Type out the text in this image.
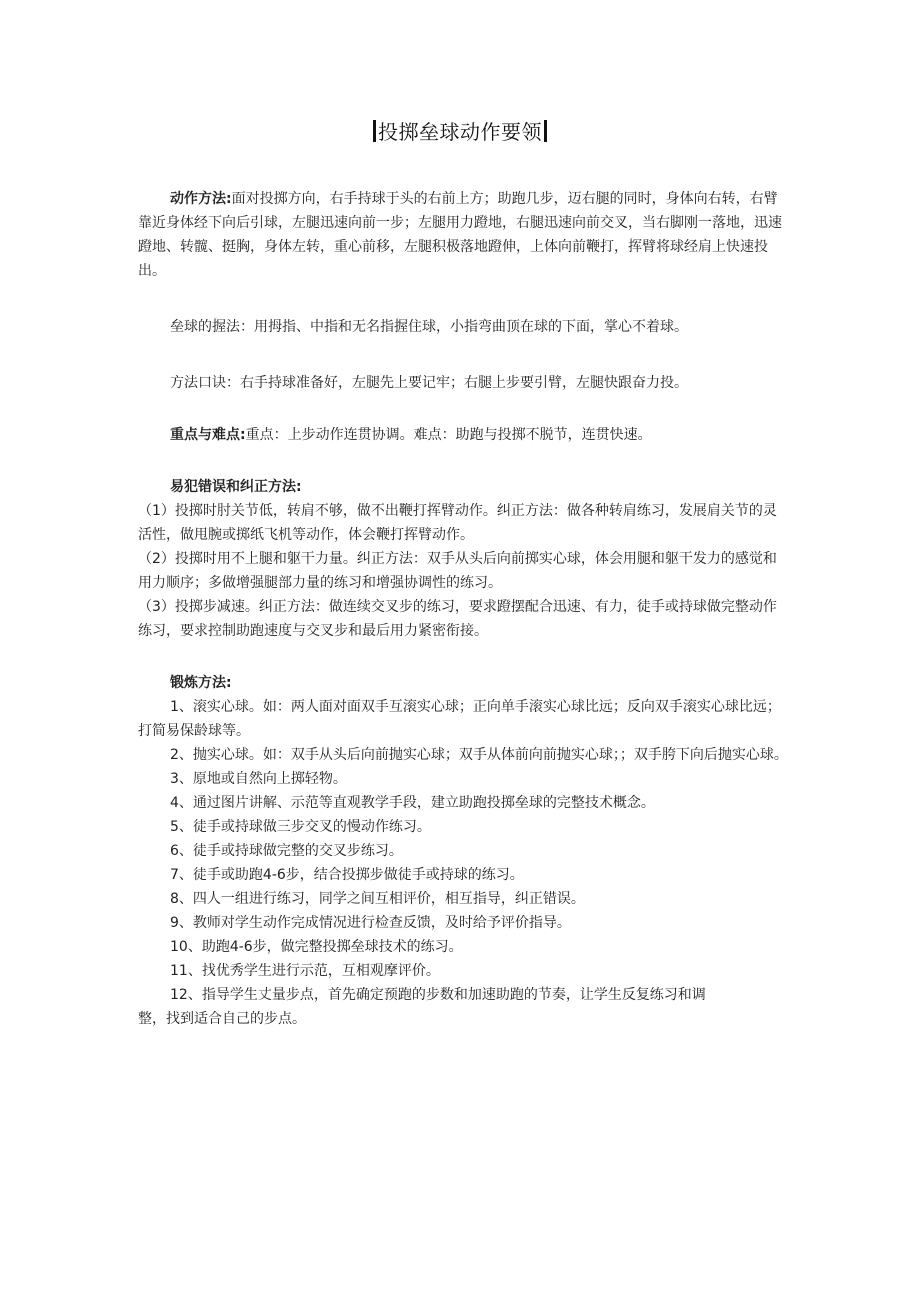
投掷垒球动作要领

动作方法:面对投掷方向，右手持球于头的右前上方；助跑几步，迈右腿的同时，身体向右转，右臂靠近身体经下向后引球，左腿迅速向前一步；左腿用力蹬地，右腿迅速向前交叉，当右脚刚一落地，迅速蹬地、转髋、挺胸，身体左转，重心前移，左腿积极落地蹬伸，上体向前鞭打，挥臂将球经肩上快速投出。

垒球的握法：用拇指、中指和无名指握住球，小指弯曲顶在球的下面，掌心不着球。

方法口诀：右手持球准备好，左腿先上要记牢；右腿上步要引臂，左腿快跟奋力投。

重点与难点:重点：上步动作连贯协调。难点：助跑与投掷不脱节，连贯快速。

易犯错误和纠正方法:

（1）投掷时肘关节低，转肩不够，做不出鞭打挥臂动作。纠正方法：做各种转肩练习，发展肩关节的灵活性，做甩腕或掷纸飞机等动作，体会鞭打挥臂动作。

（2）投掷时用不上腿和躯干力量。纠正方法：双手从头后向前掷实心球，体会用腿和躯干发力的感觉和用力顺序；多做增强腿部力量的练习和增强协调性的练习。

（3）投掷步减速。纠正方法：做连续交叉步的练习，要求蹬摆配合迅速、有力，徒手或持球做完整动作练习，要求控制助跑速度与交叉步和最后用力紧密衔接。

锻炼方法:

1、滚实心球。如：两人面对面双手互滚实心球；正向单手滚实心球比远；反向双手滚实心球比远；打简易保龄球等。

2、抛实心球。如：双手从头后向前抛实心球；双手从体前向前抛实心球；；双手胯下向后抛实心球。

3、原地或自然向上掷轻物。

4、通过图片讲解、示范等直观教学手段，建立助跑投掷垒球的完整技术概念。

5、徒手或持球做三步交叉的慢动作练习。

6、徒手或持球做完整的交叉步练习。

7、徒手或助跑4-6步，结合投掷步做徒手或持球的练习。

8、四人一组进行练习，同学之间互相评价，相互指导，纠正错误。

9、教师对学生动作完成情况进行检查反馈，及时给予评价指导。

10、助跑4-6步，做完整投掷垒球技术的练习。

11、找优秀学生进行示范，互相观摩评价。

12、指导学生丈量步点，首先确定预跑的步数和加速助跑的节奏，让学生反复练习和调

整，找到适合自己的步点。
